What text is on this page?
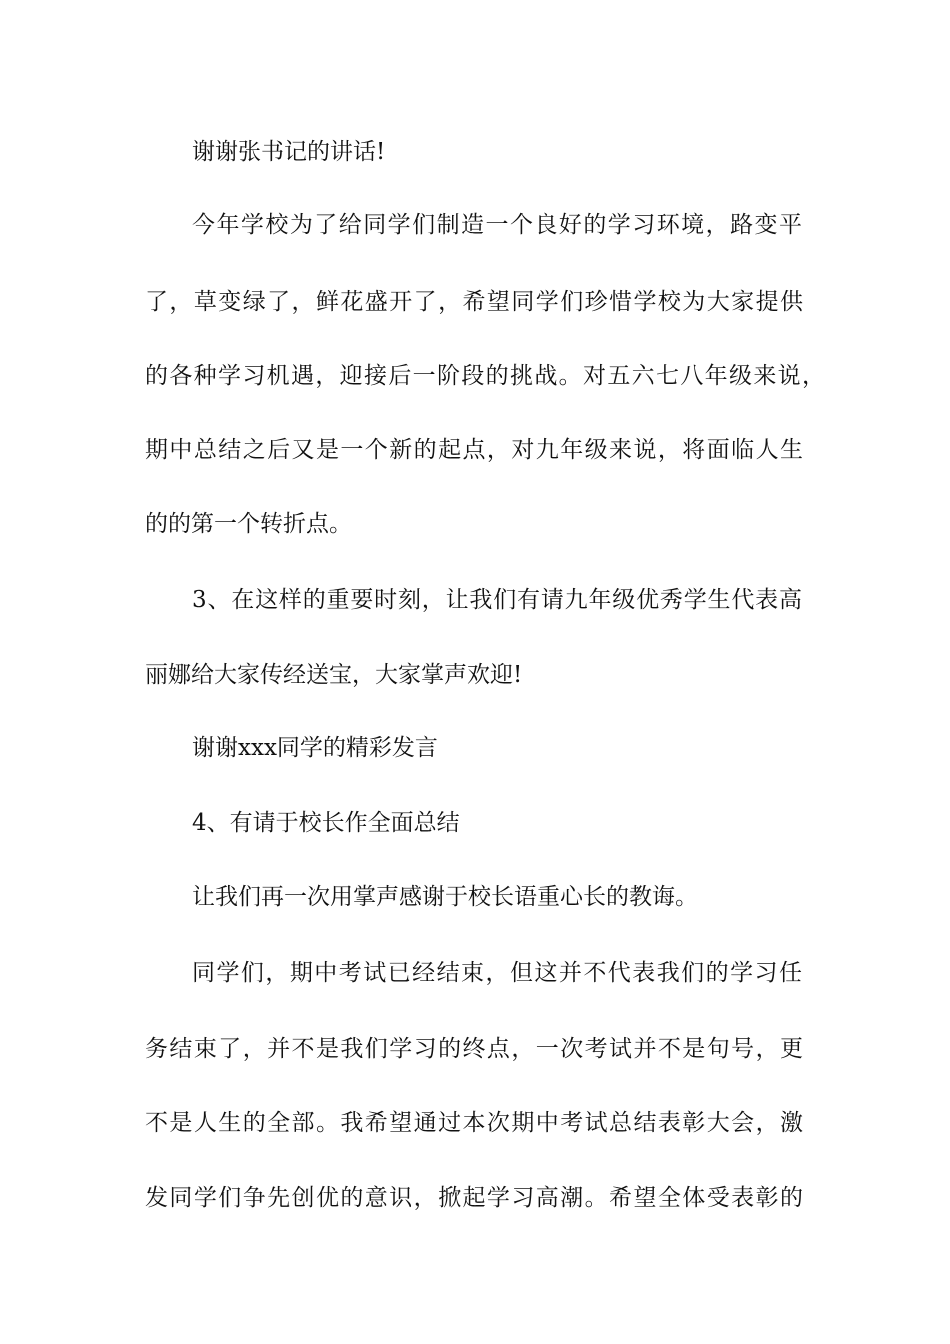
谢谢张书记的讲话!
今年学校为了给同学们制造一个良好的学习环境，路变平
了，草变绿了，鲜花盛开了，希望同学们珍惜学校为大家提供
的各种学习机遇，迎接后一阶段的挑战。对五六七八年级来说，
期中总结之后又是一个新的起点，对九年级来说，将面临人生
的的第一个转折点。
3、在这样的重要时刻，让我们有请九年级优秀学生代表高
丽娜给大家传经送宝，大家掌声欢迎!
谢谢xxx同学的精彩发言
4、有请于校长作全面总结
让我们再一次用掌声感谢于校长语重心长的教诲。
同学们，期中考试已经结束，但这并不代表我们的学习任
务结束了，并不是我们学习的终点，一次考试并不是句号，更
不是人生的全部。我希望通过本次期中考试总结表彰大会，激
发同学们争先创优的意识，掀起学习高潮。希望全体受表彰的
